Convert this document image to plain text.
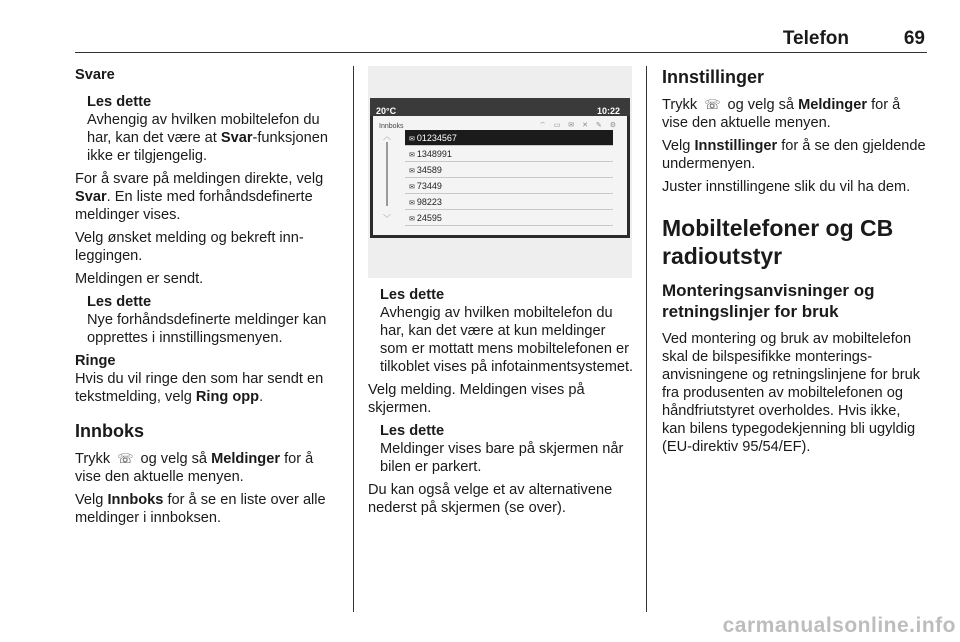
Telefon	69
Svare
Les dette
Avhengig av hvilken mobiltelefon du har, kan det være at Svar-funksjonen ikke er tilgjengelig.

For å svare på meldingen direkte, velg Svar. En liste med forhåndsdefinerte meldinger vises.

Velg ønsket melding og bekreft innleggingen.

Meldingen er sendt.

Les dette
Nye forhåndsdefinerte meldinger kan opprettes i innstillingsmenyen.
Ringe

Hvis du vil ringe den som har sendt en tekstmelding, velg Ring opp.

Innboks

Trykk ☏ og velg så Meldinger for å vise den aktuelle menyen.

Velg Innboks for å se en liste over alle meldinger i innboksen.

20°C	10:22
Innboks	⌔ ▭ ✉ ✕ ✎ ⚙
︿
﹀
✉ 01234567
✉ 1348991
✉ 34589
✉ 73449
✉ 98223
✉ 24595
Les dette
Avhengig av hvilken mobiltelefon du har, kan det være at kun meldinger som er mottatt mens mobiltelefonen er tilkoblet vises på infotainmentsystemet.

Velg melding. Meldingen vises på skjermen.

Les dette
Meldinger vises bare på skjermen når bilen er parkert.

Du kan også velge et av alternativene nederst på skjermen (se over).

Innstillinger

Trykk ☏ og velg så Meldinger for å vise den aktuelle menyen.

Velg Innstillinger for å se den gjeldende undermenyen.

Juster innstillingene slik du vil ha dem.

Mobiltelefoner og CB radioutstyr
Monteringsanvisninger og retningslinjer for bruk

Ved montering og bruk av mobiltelefon skal de bilspesifikke monteringsanvisningene og retningslinjene for bruk fra produsenten av mobiltelefonen og håndfriutstyret overholdes. Hvis ikke, kan bilens typegodekjenning bli ugyldig (EU-direktiv 95/54/EF).

carmanualsonline.info
